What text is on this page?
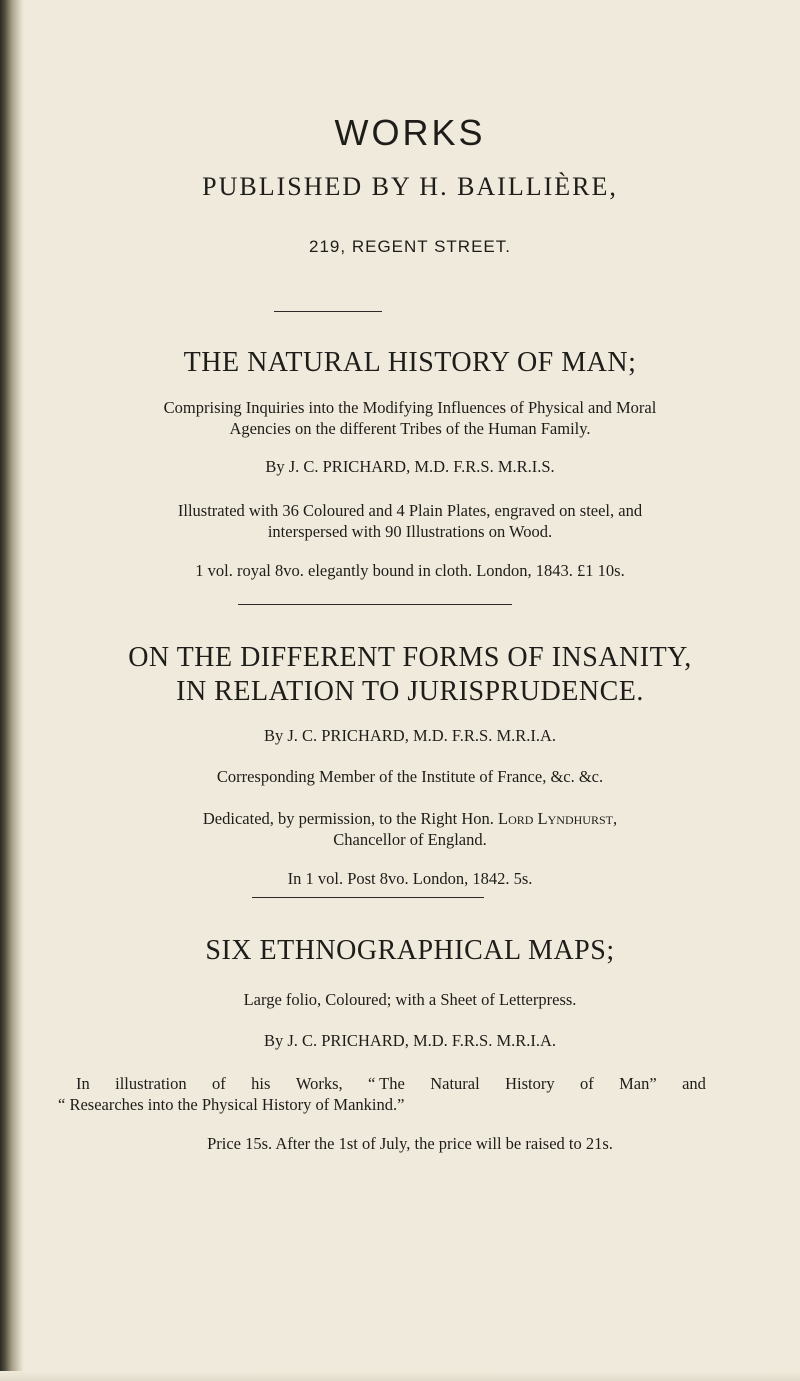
WORKS
PUBLISHED BY H. BAILLIÈRE,
219, REGENT STREET.
THE NATURAL HISTORY OF MAN;
Comprising Inquiries into the Modifying Influences of Physical and Moral
Agencies on the different Tribes of the Human Family.
By J. C. PRICHARD, M.D. F.R.S. M.R.I.S.
Illustrated with 36 Coloured and 4 Plain Plates, engraved on steel, and
interspersed with 90 Illustrations on Wood.
1 vol. royal 8vo. elegantly bound in cloth. London, 1843. £1 10s.
ON THE DIFFERENT FORMS OF INSANITY,
IN RELATION TO JURISPRUDENCE.
By J. C. PRICHARD, M.D. F.R.S. M.R.I.A.
Corresponding Member of the Institute of France, &c. &c.
Dedicated, by permission, to the Right Hon. Lord Lyndhurst,
Chancellor of England.
In 1 vol. Post 8vo. London, 1842. 5s.
SIX ETHNOGRAPHICAL MAPS;
Large folio, Coloured; with a Sheet of Letterpress.
By J. C. PRICHARD, M.D. F.R.S. M.R.I.A.
In illustration of his Works, “ The Natural History of Man” and
“ Researches into the Physical History of Mankind.”
Price 15s. After the 1st of July, the price will be raised to 21s.
